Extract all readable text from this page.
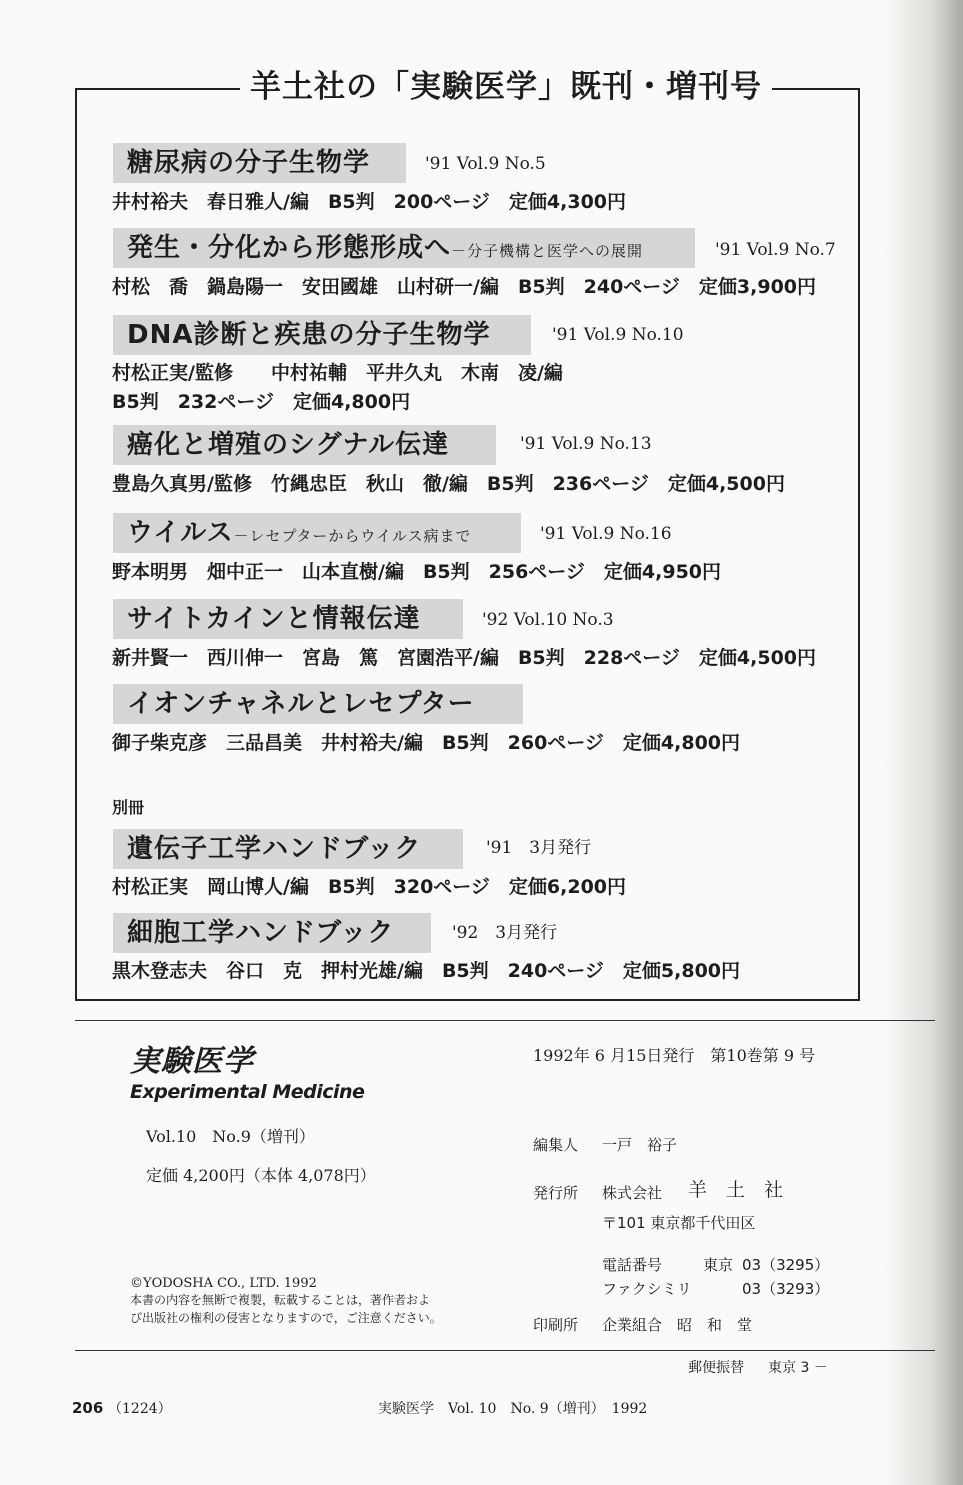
羊土社の「実験医学」既刊・増刊号
糖尿病の分子生物学	'91 Vol.9 No.5
井村裕夫　春日雅人/編　B5判　200ページ　定価4,300円
発生・分化から形態形成へ－分子機構と医学への展開	'91 Vol.9 No.7
村松　喬　鍋島陽一　安田國雄　山村研一/編　B5判　240ページ　定価3,900円
DNA診断と疾患の分子生物学	'91 Vol.9 No.10
村松正実/監修　　中村祐輔　平井久丸　木南　凌/編
B5判　232ページ　定価4,800円
癌化と増殖のシグナル伝達	'91 Vol.9 No.13
豊島久真男/監修　竹縄忠臣　秋山　徹/編　B5判　236ページ　定価4,500円
ウイルス－レセプターからウイルス病まで	'91 Vol.9 No.16
野本明男　畑中正一　山本直樹/編　B5判　256ページ　定価4,950円
サイトカインと情報伝達	'92 Vol.10 No.3
新井賢一　西川伸一　宮島　篤　宮園浩平/編　B5判　228ページ　定価4,500円
イオンチャネルとレセプター
御子柴克彦　三品昌美　井村裕夫/編　B5判　260ページ　定価4,800円
別冊
遺伝子工学ハンドブック	'91　3月発行
村松正実　岡山博人/編　B5判　320ページ　定価6,200円
細胞工学ハンドブック	'92　3月発行
黒木登志夫　谷口　克　押村光雄/編　B5判　240ページ　定価5,800円
実験医学
Experimental Medicine
Vol.10　No.9（増刊）
定価 4,200円（本体 4,078円）
©YODOSHA CO., LTD. 1992
本書の内容を無断で複製，転載することは，著作者およ
び出版社の権利の侵害となりますので，ご注意ください。
1992年 6 月15日発行　第10巻第 9 号
編集人 一戸　裕子
発行所 株式会社 羊　土　社
〒101 東京都千代田区
電話番号	東京 03（3295）
ファクシミリ	03（3293）
印刷所 企業組合　昭　和　堂
郵便振替 東京 3 －
206 （1224）	実験医学　Vol. 10　No. 9（増刊）　1992
